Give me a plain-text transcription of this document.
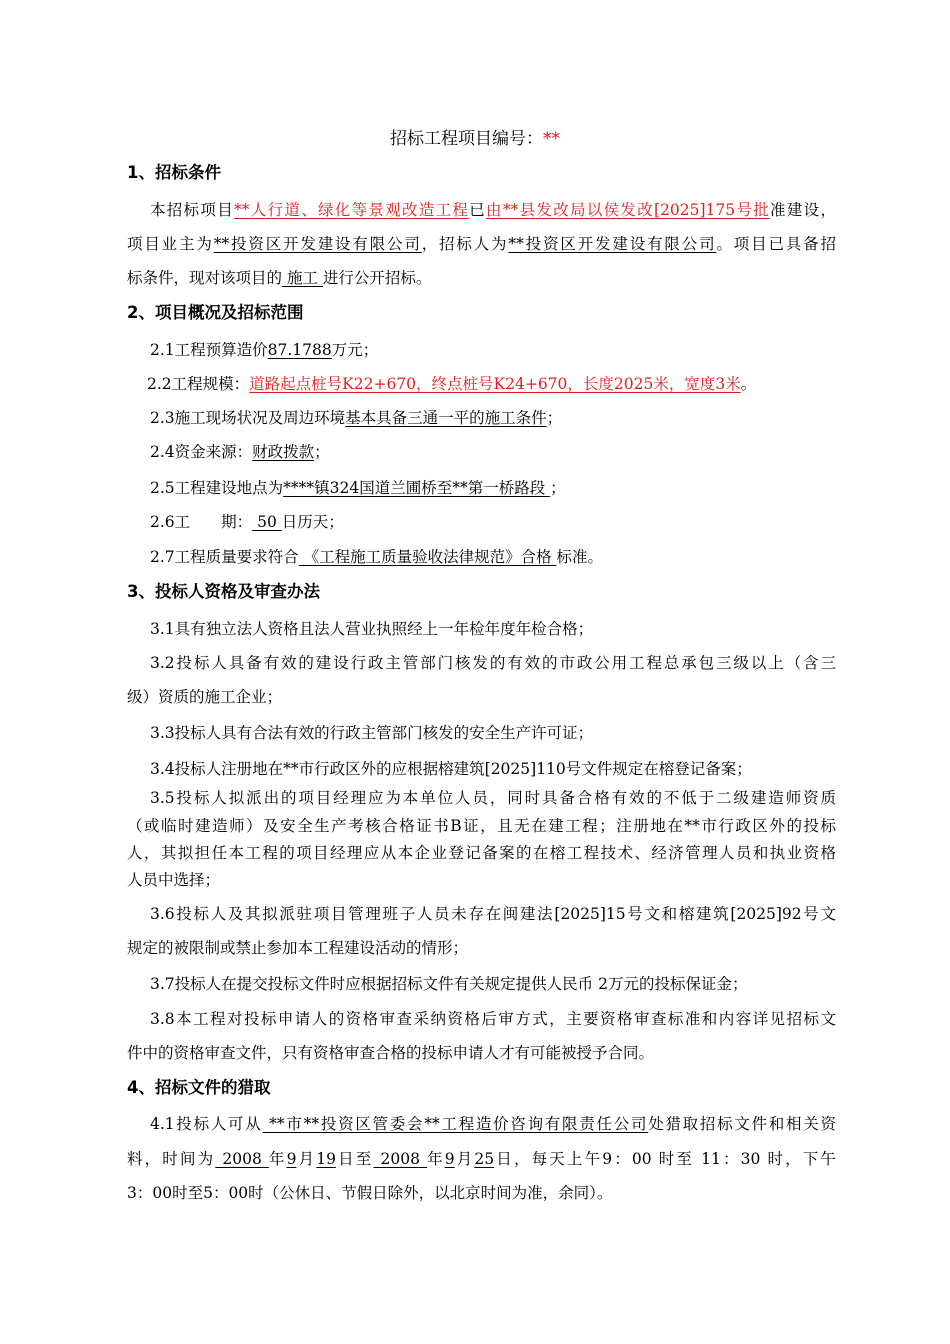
招标工程项目编号：**
1、招标条件
本招标项目**人行道、绿化等景观改造工程已由**县发改局以侯发改[2025]175号批准建设，
项目业主为**投资区开发建设有限公司，招标人为**投资区开发建设有限公司。项目已具备招
标条件，现对该项目的 施工 进行公开招标。
2、项目概况及招标范围
2.1工程预算造价87.1788万元；
2.2工程规模：道路起点桩号K22+670，终点桩号K24+670，长度2025米，宽度3米。
2.3施工现场状况及周边环境基本具备三通一平的施工条件；
2.4资金来源：财政拨款；
2.5工程建设地点为****镇324国道兰圃桥至**第一桥路段 ；
2.6工　　期： 50 日历天；
2.7工程质量要求符合 《工程施工质量验收法律规范》合格 标准。
3、投标人资格及审查办法
3.1具有独立法人资格且法人营业执照经上一年检年度年检合格；
3.2投标人具备有效的建设行政主管部门核发的有效的市政公用工程总承包三级以上（含三
级）资质的施工企业；
3.3投标人具有合法有效的行政主管部门核发的安全生产许可证；
3.4投标人注册地在**市行政区外的应根据榕建筑[2025]110号文件规定在榕登记备案；
3.5投标人拟派出的项目经理应为本单位人员，同时具备合格有效的不低于二级建造师资质
（或临时建造师）及安全生产考核合格证书B证，且无在建工程；注册地在**市行政区外的投标
人，其拟担任本工程的项目经理应从本企业登记备案的在榕工程技术、经济管理人员和执业资格
人员中选择；
3.6投标人及其拟派驻项目管理班子人员未存在闽建法[2025]15号文和榕建筑[2025]92号文
规定的被限制或禁止参加本工程建设活动的情形；
3.7投标人在提交投标文件时应根据招标文件有关规定提供人民币 2万元的投标保证金；
3.8本工程对投标申请人的资格审查采纳资格后审方式，主要资格审查标准和内容详见招标文
件中的资格审查文件，只有资格审查合格的投标申请人才有可能被授予合同。
4、招标文件的猎取
4.1投标人可从 **市**投资区管委会**工程造价咨询有限责任公司处猎取招标文件和相关资
料，时间为 2008 年9月19日至 2008 年9月25日，每天上午9：00 时至 11：30 时，下午
3：00时至5：00时（公休日、节假日除外，以北京时间为准，余同）。
